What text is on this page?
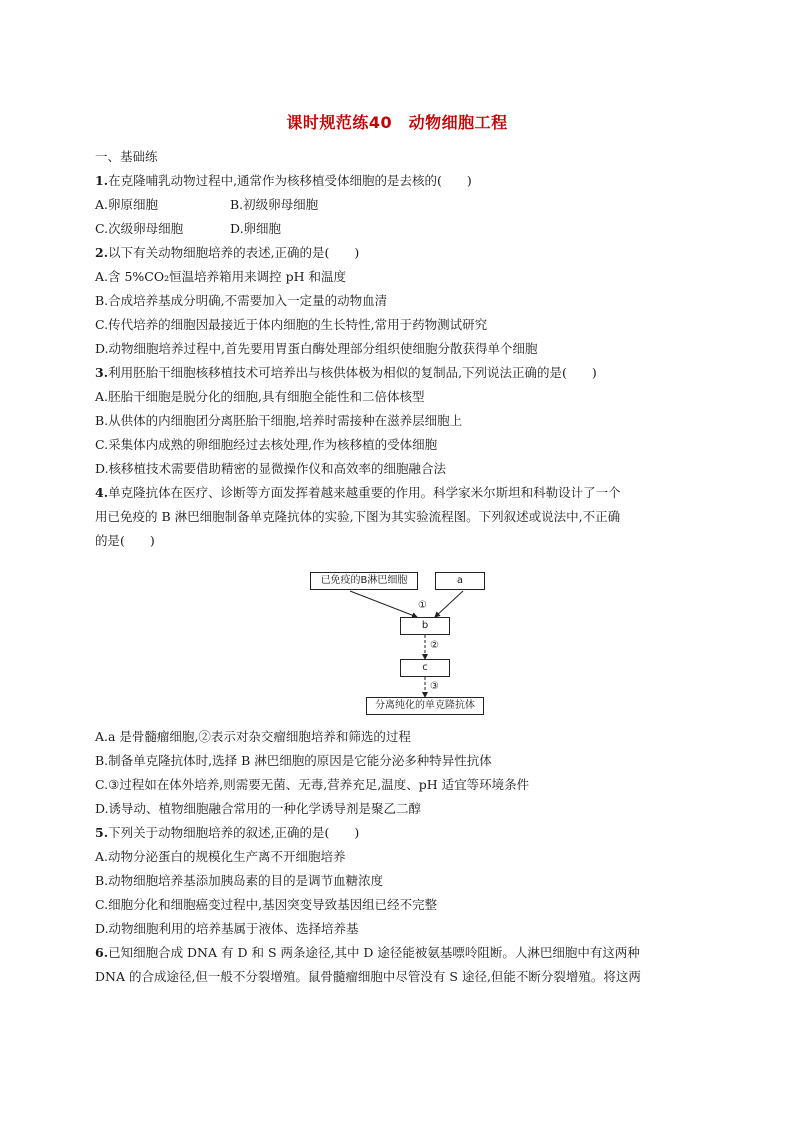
课时规范练40　动物细胞工程
一、基础练
1.在克隆哺乳动物过程中,通常作为核移植受体细胞的是去核的(　　)
A.卵原细胞	B.初级卵母细胞
C.次级卵母细胞	D.卵细胞
2.以下有关动物细胞培养的表述,正确的是(　　)
A.含 5%CO₂恒温培养箱用来调控 pH 和温度
B.合成培养基成分明确,不需要加入一定量的动物血清
C.传代培养的细胞因最接近于体内细胞的生长特性,常用于药物测试研究
D.动物细胞培养过程中,首先要用胃蛋白酶处理部分组织使细胞分散获得单个细胞
3.利用胚胎干细胞核移植技术可培养出与核供体极为相似的复制品,下列说法正确的是(　　)
A.胚胎干细胞是脱分化的细胞,具有细胞全能性和二倍体核型
B.从供体的内细胞团分离胚胎干细胞,培养时需接种在滋养层细胞上
C.采集体内成熟的卵细胞经过去核处理,作为核移植的受体细胞
D.核移植技术需要借助精密的显微操作仪和高效率的细胞融合法
4.单克隆抗体在医疗、诊断等方面发挥着越来越重要的作用。科学家米尔斯坦和科勒设计了一个
用已免疫的 B 淋巴细胞制备单克隆抗体的实验,下图为其实验流程图。下列叙述或说法中,不正确
的是(　　)
已免疫的B淋巴细胞	a
①
b
②
c
③
分离纯化的单克隆抗体
A.a 是骨髓瘤细胞,②表示对杂交瘤细胞培养和筛选的过程
B.制备单克隆抗体时,选择 B 淋巴细胞的原因是它能分泌多种特异性抗体
C.③过程如在体外培养,则需要无菌、无毒,营养充足,温度、pH 适宜等环境条件
D.诱导动、植物细胞融合常用的一种化学诱导剂是聚乙二醇
5.下列关于动物细胞培养的叙述,正确的是(　　)
A.动物分泌蛋白的规模化生产离不开细胞培养
B.动物细胞培养基添加胰岛素的目的是调节血糖浓度
C.细胞分化和细胞癌变过程中,基因突变导致基因组已经不完整
D.动物细胞利用的培养基属于液体、选择培养基
6.已知细胞合成 DNA 有 D 和 S 两条途径,其中 D 途径能被氨基嘌呤阻断。人淋巴细胞中有这两种
DNA 的合成途径,但一般不分裂增殖。鼠骨髓瘤细胞中尽管没有 S 途径,但能不断分裂增殖。将这两
